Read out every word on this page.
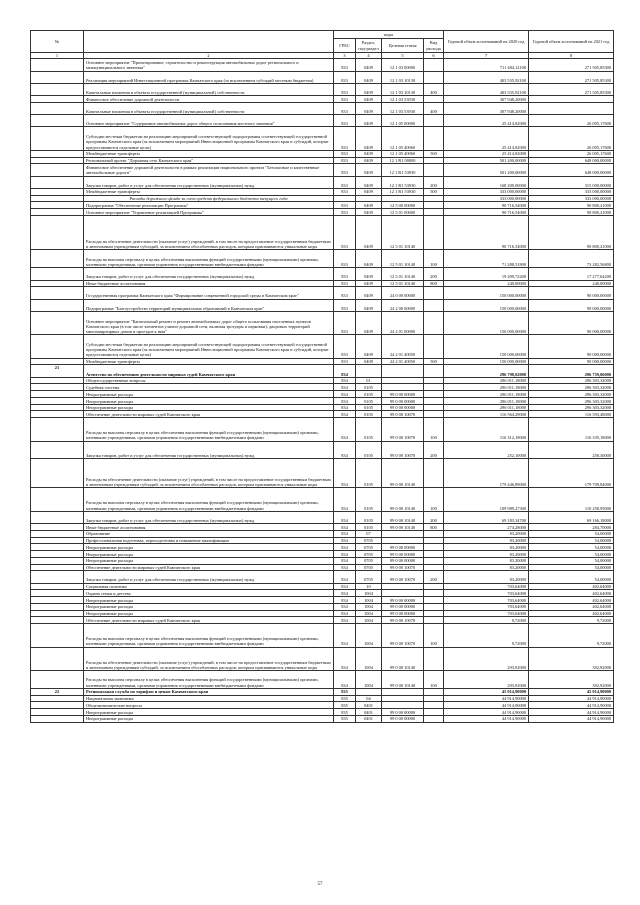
№		коды				Годовой объем ассигнований на 2020 год	Годовой объем ассигнований на 2021 год
		ГРБС	Раздел, под-раздел	Целевая статья	Вид расхода		
1	2	3	4	5	6	7	8
	Основное мероприятие "Проектирование, строительство и реконструкция автомобильных дорог регионального и межмуниципального значения"	833	0409	12 1 03 00000		711 484,12100	271 505,85300
	Реализация мероприятий Инвестиционной программы Камчатского края (за исключением субсидий местным бюджетам)	833	0409	12 1 03 10130		403 535,92100	271 505,85300
	Капитальные вложения в объекты государственной (муниципальной) собственности	833	0409	12 1 03 10130	400	403 535,92100	271 505,85300
	Финансовое обеспечение дорожной деятельности	833	0409	12 1 03 53930		307 948,20000	
	Капитальные вложения в объекты государственной (муниципальной) собственности	833	0409	12 1 03 53930	400	307 948,20000	
	Основное мероприятие "Содержание автомобильных дорог общего пользования местного значения"	833	0409	12 1 05 00000		25 414,82000	26 005,17600
	Субсидии местным бюджетам на реализацию мероприятий соответствующей подпрограммы соответствующей государственной программы Камчатского края (за исключением мероприятий Инвестиционной программы Камчатского края и субсидий, которые предоставляются отдельные целы)	833	0409	12 1 05 40060		25 414,82000	26 005,17600
	Межбюджетные трансферты	833	0409	12 1 05 40060	500	25 414,82000	26 005,17600
	Региональный проект "Дорожная сеть Камчатского края"	833	0409	12 1 R1 00000		501 200,00000	648 000,00000
	Финансовое обеспечение дорожной деятельности в рамках реализации национального проекта "Безопасные и качественные автомобильные дороги"	833	0409	12 1 R1 53930		501 200,00000	648 000,00000
	Закупка товаров, работ и услуг для обеспечения государственных (муниципальных) нужд	833	0409	12 1 R1 53930	200	168 200,00000	315 000,00000
	Межбюджетные трансферты	833	0409	12 1 R1 53930	500	333 000,00000	333 000,00000
	Расходы дорожного фонда за счет средств федерального бюджета текущего года					333 000,00000	333 000,00000
	Подпрограмма "Обеспечение реализации Программы"	833	0409	12 5 00 00000		90 716,54000	90 800,21000
	Основное мероприятие "Управление реализацией Программы"	833	0409	12 5 01 00000		90 716,54000	90 800,21000
	Расходы на обеспечение деятельности (оказание услуг) учреждений, в том числе на предоставление государственным бюджетным и автономным учреждениям субсидий, за исключением обособленных расходов, которым присваиваются уникальные коды	833	0409	12 5 01 10140		90 716,54000	90 800,21000
	Расходы на выплаты персоналу в целях обеспечения выполнения функций государственными (муниципальными) органами, казенными учреждениями, органами управления государственными внебюджетными фондами	833	0409	12 5 01 10140	100	71 288,51800	73 282,56800
	Закупка товаров, работ и услуг для обеспечения государственных (муниципальных) нужд	833	0409	12 5 01 10140	200	19 209,72200	17 277,64200
	Иные бюджетные ассигнования	833	0409	12 5 01 10140	800	240,00000	240,00000
	Государственная программа Камчатского края "Формирование современной городской среды в Камчатском крае"	833	0409	24 0 00 00000		150 000,00000	90 000,00000
	Подпрограмма "Благоустройство территорий муниципальных образований в Камчатском крае"	833	0409	24 2 00 00000		150 000,00000	90 000,00000
	Основное мероприятие "Капитальный ремонт и ремонт автомобильных дорог общего пользования населенных пунктов Камчатского края (в том числе элементов улично-дорожной сети, включая тротуары и парковки), дворовых территорий многоквартирных домов и проездов к ним"	833	0409	24 2 01 00000		150 000,00000	90 000,00000
	Субсидии местным бюджетам на реализацию мероприятий соответствующей подпрограммы соответствующей государственной программы Камчатского края (за исключением мероприятий Инвестиционной программы Камчатского края и субсидий, которые предоставляются отдельные целы)	833	0409	24 2 01 40050		150 000,00000	90 000,00000
	Межбюджетные трансферты	833	0409	24 2 01 40050	500	150 000,00000	90 000,00000
21	Агентство по обеспечению деятельности мировых судей Камчатского края	834				296 798,02000	296 759,06000
	Общегосударственные вопросы	834	01			296 011,18000	296 303,32000
	Судебная система	834	0105			296 011,18000	296 303,32000
	Непрограммные расходы	834	0105	99 0 00 00000		296 011,18000	296 303,32000
	Непрограммные расходы	834	0105	99 0 00 00000		296 011,18000	296 303,32000
	Непрограммные расходы	834	0105	99 0 00 00000		296 011,18000	296 303,32000
	Обеспечение деятельности мировых судей Камчатского края	834	0105	99 0 00 10070		116 564,29000	116 593,48000
	Расходы на выплаты персоналу в целях обеспечения выполнения функций государственными (муниципальными) органами, казенными учреждениями, органами управления государственными внебюджетными фондами	834	0105	99 0 00 10070	100	116 312,18000	116 335,18000
	Закупка товаров, работ и услуг для обеспечения государственных (муниципальных) нужд	834	0105	99 0 00 10070	200	252,10000	258,30000
	Расходы на обеспечение деятельности (оказание услуг) учреждений, в том числе на предоставление государственным бюджетным и автономным учреждениям субсидий, за исключением обособленных расходов, которым присваиваются уникальные коды	834	0105	99 0 00 10140		179 446,89000	179 709,84000
	Расходы на выплаты персоналу в целях обеспечения выполнения функций государственными (муниципальными) органами, казенными учреждениями, органами управления государственными внебюджетными фондами	834	0105	99 0 00 10140	100	109 989,27300	110 258,95000
	Закупка товаров, работ и услуг для обеспечения государственных (муниципальных) нужд	834	0105	99 0 00 10140	200	69 183,34700	69 166,18000
	Иные бюджетные ассигнования	834	0105	99 0 00 10140	800	274,28000	284,70000
	Образование	834	07			83,20000	54,00000
	Профессиональная подготовка, переподготовка и повышение квалификации	834	0705			83,20000	54,00000
	Непрограммные расходы	834	0705	99 0 00 00000		83,20000	54,00000
	Непрограммные расходы	834	0705	99 0 00 00000		83,20000	54,00000
	Непрограммные расходы	834	0705	99 0 00 00000		83,20000	54,00000
	Обеспечение деятельности мировых судей Камчатского края	834	0705	99 0 00 10070		83,20000	54,00000
	Закупка товаров, работ и услуг для обеспечения государственных (муниципальных) нужд	834	0705	99 0 00 10070	200	83,20000	54,00000
	Социальная политика	834	10			703,64000	402,64000
	Охрана семьи и детства	834	1004			703,64000	402,64000
	Непрограммные расходы	834	1004	99 0 00 00000		703,64000	402,64000
	Непрограммные расходы	834	1004	99 0 00 00000		703,64000	402,64000
	Непрограммные расходы	834	1004	99 0 00 00000		703,64000	402,64000
	Обеспечение деятельности мировых судей Камчатского края	834	1004	99 0 00 10070		9,72000	9,72000
	Расходы на выплаты персоналу в целях обеспечения выполнения функций государственными (муниципальными) органами, казенными учреждениями, органами управления государственными внебюджетными фондами	834	1004	99 0 00 10070	100	9,72000	9,72000
	Расходы на обеспечение деятельности (оказание услуг) учреждений, в том числе на предоставление государственным бюджетным и автономным учреждениям субсидий, за исключением обособленных расходов, которым присваиваются уникальные коды	834	1004	99 0 00 10140		293,92000	392,92000
	Расходы на выплаты персоналу в целях обеспечения выполнения функций государственными (муниципальными) органами, казенными учреждениями, органами управления государственными внебюджетными фондами	834	1004	99 0 00 10140	100	293,92000	392,92000
22	Региональная служба по тарифам и ценам Камчатского края	835				45 014,90000	45 014,90000
	Национальная экономика	835	04			44 914,90000	44 914,90000
	Общеэкономические вопросы	835	0401			44 914,90000	44 914,90000
	Непрограммные расходы	835	0401	99 0 00 00000		44 914,90000	44 914,90000
	Непрограммные расходы	835	0401	99 0 00 00000		44 914,90000	44 914,90000
57
